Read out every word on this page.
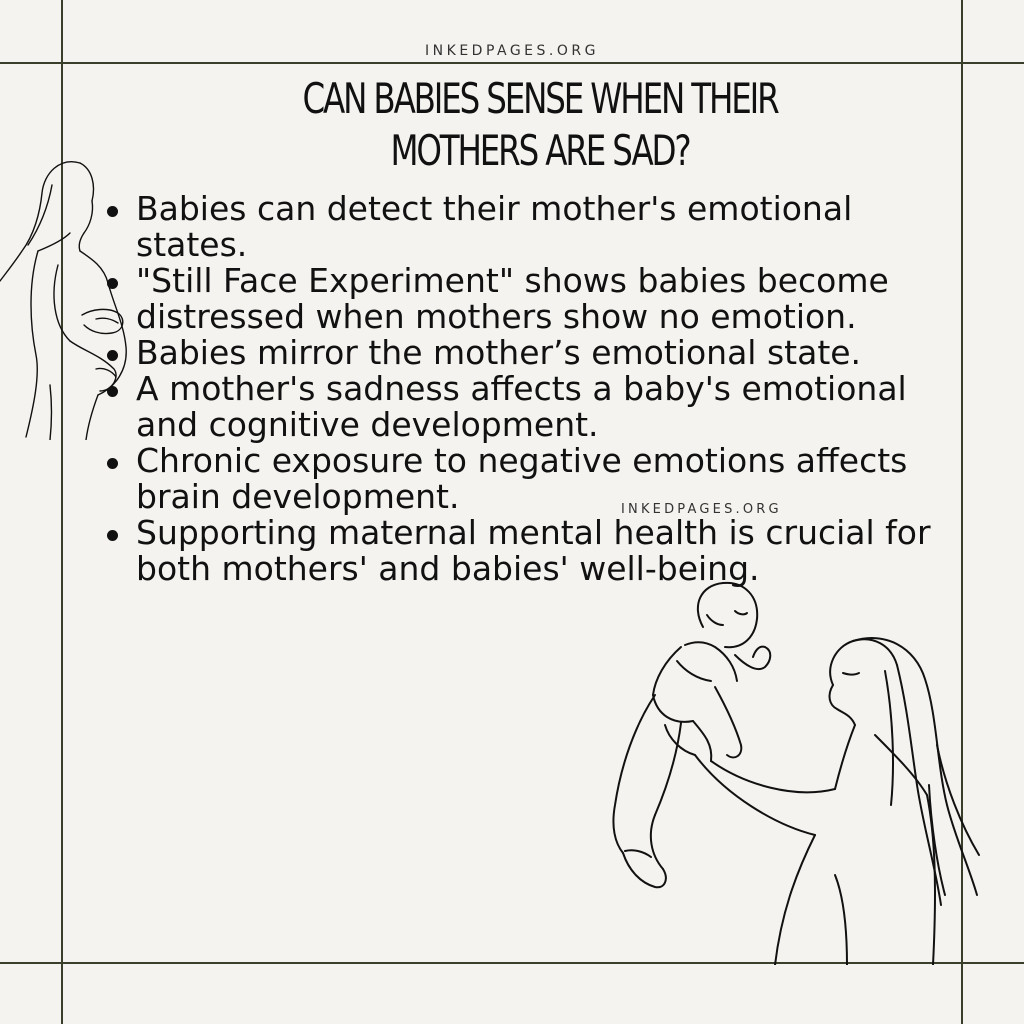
INKEDPAGES.ORG
CAN BABIES SENSE WHEN THEIR
MOTHERS ARE SAD?
Babies can detect their mother's emotional states.
"Still Face Experiment" shows babies become distressed when mothers show no emotion.
Babies mirror the mother’s emotional state.
A mother's sadness affects a baby's emotional and cognitive development.
Chronic exposure to negative emotions affects brain development.
Supporting maternal mental health is crucial for both mothers' and babies' well-being.
INKEDPAGES.ORG
